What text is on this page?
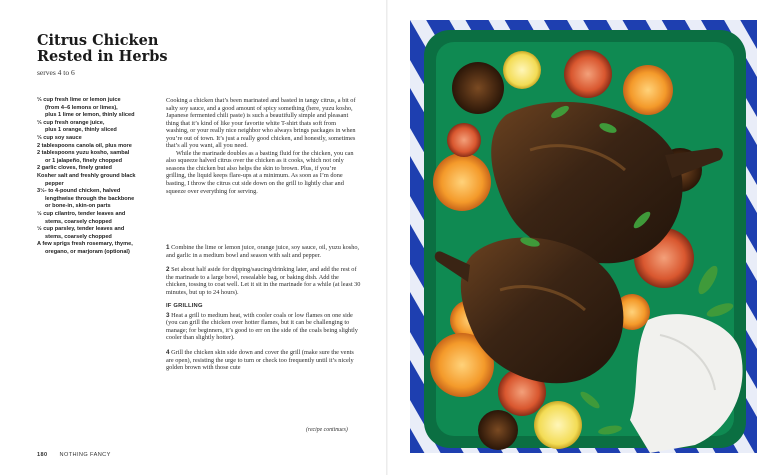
Citrus Chicken
Rested in Herbs

serves 4 to 6

⅓ cup fresh lime or lemon juice
(from 4–6 lemons or limes),
plus 1 lime or lemon, thinly sliced
⅓ cup fresh orange juice,
plus 1 orange, thinly sliced
⅓ cup soy sauce
2 tablespoons canola oil, plus more
2 tablespoons yuzu kosho, sambal
or 1 jalapeño, finely chopped
2 garlic cloves, finely grated
Kosher salt and freshly ground black
pepper
3½- to 4-pound chicken, halved
lengthwise through the backbone
or bone-in, skin-on parts
½ cup cilantro, tender leaves and
stems, coarsely chopped
½ cup parsley, tender leaves and
stems, coarsely chopped
A few sprigs fresh rosemary, thyme,
oregano, or marjoram (optional)

Cooking a chicken that’s been marinated and basted in tangy citrus, a bit of salty soy sauce, and a good amount of spicy something (here, yuzu kosho, Japanese fermented chili paste) is such a beautifully simple and pleasant thing that it’s kind of like your favorite white T-shirt thats soft from washing, or your really nice neighbor who always brings packages in when you’re out of town. It’s just a really good chicken, and honestly, sometimes that’s all you want, all you need.

While the marinade doubles as a basting fluid for the chicken, you can also squeeze halved citrus over the chicken as it cooks, which not only seasons the chicken but also helps the skin to brown. Plus, if you’re grilling, the liquid keeps flare-ups at a minimum. As soon as I’m done basting, I throw the citrus cut side down on the grill to lightly char and squeeze over everything for serving.

1 Combine the lime or lemon juice, orange juice, soy sauce, oil, yuzu kosho, and garlic in a medium bowl and season with salt and pepper.

2 Set about half aside for dipping/saucing/drinking later, and add the rest of the marinade to a large bowl, resealable bag, or baking dish. Add the chicken, tossing to coat well. Let it sit in the marinade for a while (at least 30 minutes, but up to 24 hours).

IF GRILLING

3 Heat a grill to medium heat, with cooler coals or low flames on one side (you can grill the chicken over hotter flames, but it can be challenging to manage; for beginners, it’s good to err on the side of the coals being slightly cooler than slightly hotter).

4 Grill the chicken skin side down and cover the grill (make sure the vents are open), resisting the urge to turn or check too frequently until it’s nicely golden brown with those cute

(recipe continues)

180 NOTHING FANCY
